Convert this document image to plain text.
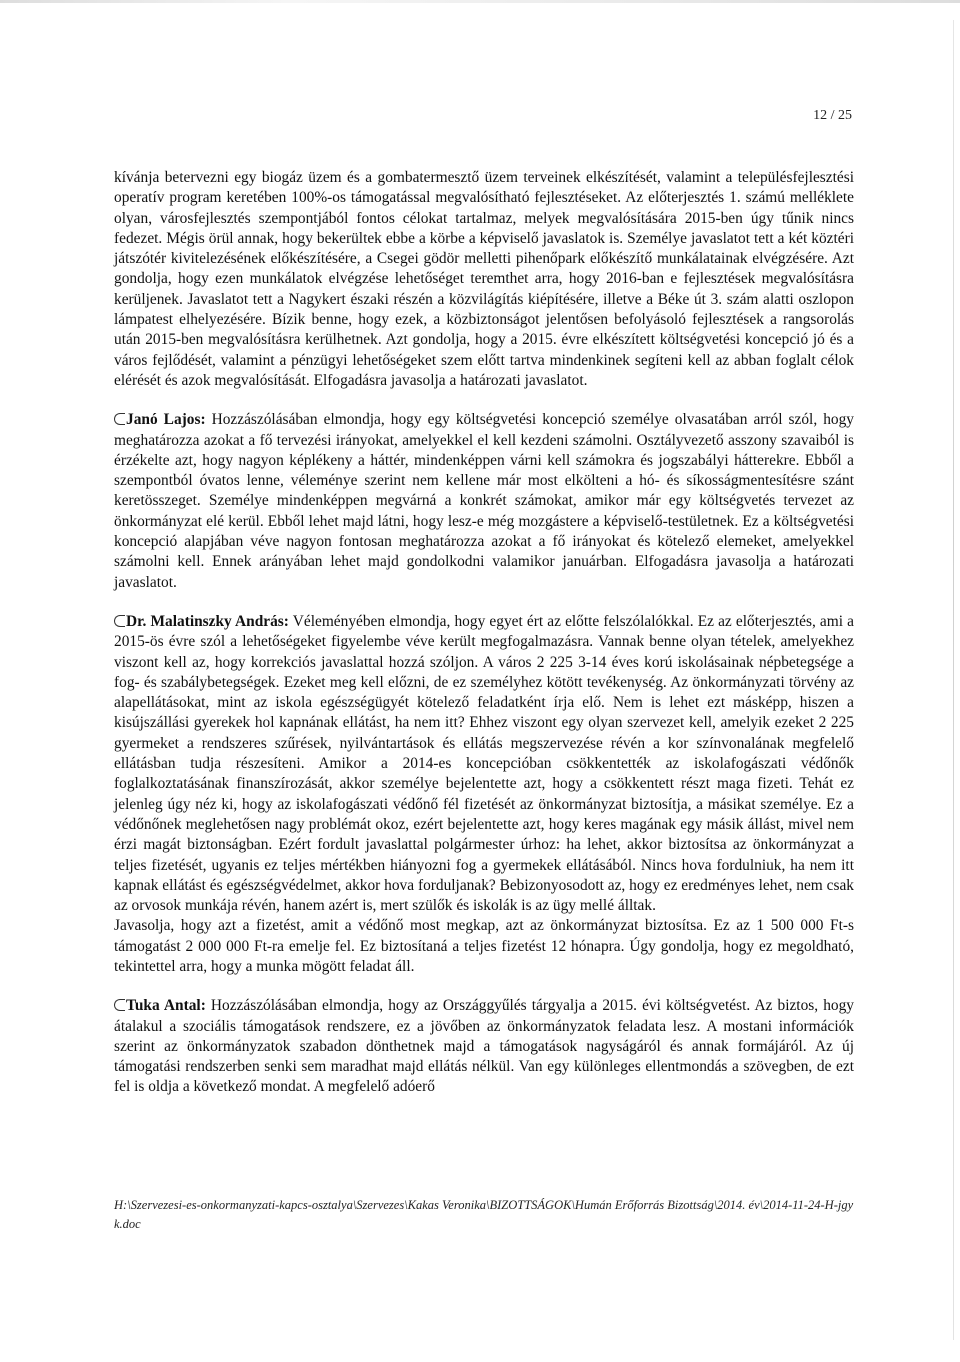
12 / 25

kívánja betervezni egy biogáz üzem és a gombatermesztő üzem terveinek elkészítését, valamint a településfejlesztési operatív program keretében 100%-os támogatással megvalósítható fejlesztéseket. Az előterjesztés 1. számú melléklete olyan, városfejlesztés szempontjából fontos célokat tartalmaz, melyek megvalósítására 2015-ben úgy tűnik nincs fedezet. Mégis örül annak, hogy bekerültek ebbe a körbe a képviselő javaslatok is. Személye javaslatot tett a két köztéri játszótér kivitelezésének előkészítésére, a Csegei gödör melletti pihenőpark előkészítő munkálatainak elvégzésére. Azt gondolja, hogy ezen munkálatok elvégzése lehetőséget teremthet arra, hogy 2016-ban e fejlesztések megvalósításra kerüljenek. Javaslatot tett a Nagykert északi részén a közvilágítás kiépítésére, illetve a Béke út 3. szám alatti oszlopon lámpatest elhelyezésére. Bízik benne, hogy ezek, a közbiztonságot jelentősen befolyásoló fejlesztések a rangsorolás után 2015-ben megvalósításra kerülhetnek. Azt gondolja, hogy a 2015. évre elkészített költségvetési koncepció jó és a város fejlődését, valamint a pénzügyi lehetőségeket szem előtt tartva mindenkinek segíteni kell az abban foglalt célok elérését és azok megvalósítását. Elfogadásra javasolja a határozati javaslatot.

Janó Lajos: Hozzászólásában elmondja, hogy egy költségvetési koncepció személye olvasatában arról szól, hogy meghatározza azokat a fő tervezési irányokat, amelyekkel el kell kezdeni számolni. Osztályvezető asszony szavaiból is érzékelte azt, hogy nagyon képlékeny a háttér, mindenképpen várni kell számokra és jogszabályi hátterekre. Ebből a szempontból óvatos lenne, véleménye szerint nem kellene már most elkölteni a hó- és síkosságmentesítésre szánt keretösszeget. Személye mindenképpen megvárná a konkrét számokat, amikor már egy költségvetés tervezet az önkormányzat elé kerül. Ebből lehet majd látni, hogy lesz-e még mozgástere a képviselő-testületnek. Ez a költségvetési koncepció alapjában véve nagyon fontosan meghatározza azokat a fő irányokat és kötelező elemeket, amelyekkel számolni kell. Ennek arányában lehet majd gondolkodni valamikor januárban. Elfogadásra javasolja a határozati javaslatot.

Dr. Malatinszky András: Véleményében elmondja, hogy egyet ért az előtte felszólalókkal. Ez az előterjesztés, ami a 2015-ös évre szól a lehetőségeket figyelembe véve került megfogalmazásra. Vannak benne olyan tételek, amelyekhez viszont kell az, hogy korrekciós javaslattal hozzá szóljon. A város 2 225 3-14 éves korú iskolásainak népbetegsége a fog- és szabálybetegségek. Ezeket meg kell előzni, de ez személyhez kötött tevékenység. Az önkormányzati törvény az alapellátásokat, mint az iskola egészségügyét kötelező feladatként írja elő. Nem is lehet ezt másképp, hiszen a kisújszállási gyerekek hol kapnának ellátást, ha nem itt? Ehhez viszont egy olyan szervezet kell, amelyik ezeket 2 225 gyermeket a rendszeres szűrések, nyilvántartások és ellátás megszervezése révén a kor színvonalának megfelelő ellátásban tudja részesíteni. Amikor a 2014-es koncepcióban csökkentették az iskolafogászati védőnők foglalkoztatásának finanszírozását, akkor személye bejelentette azt, hogy a csökkentett részt maga fizeti. Tehát ez jelenleg úgy néz ki, hogy az iskolafogászati védőnő fél fizetését az önkormányzat biztosítja, a másikat személye. Ez a védőnőnek meglehetősen nagy problémát okoz, ezért bejelentette azt, hogy keres magának egy másik állást, mivel nem érzi magát biztonságban. Ezért fordult javaslattal polgármester úrhoz: ha lehet, akkor biztosítsa az önkormányzat a teljes fizetését, ugyanis ez teljes mértékben hiányozni fog a gyermekek ellátásából. Nincs hova fordulniuk, ha nem itt kapnak ellátást és egészségvédelmet, akkor hova forduljanak? Bebizonyosodott az, hogy ez eredményes lehet, nem csak az orvosok munkája révén, hanem azért is, mert szülők és iskolák is az ügy mellé álltak.

Javasolja, hogy azt a fizetést, amit a védőnő most megkap, azt az önkormányzat biztosítsa. Ez az 1 500 000 Ft-s támogatást 2 000 000 Ft-ra emelje fel. Ez biztosítaná a teljes fizetést 12 hónapra. Úgy gondolja, hogy ez megoldható, tekintettel arra, hogy a munka mögött feladat áll.

Tuka Antal: Hozzászólásában elmondja, hogy az Országgyűlés tárgyalja a 2015. évi költségvetést. Az biztos, hogy átalakul a szociális támogatások rendszere, ez a jövőben az önkormányzatok feladata lesz. A mostani információk szerint az önkormányzatok szabadon dönthetnek majd a támogatások nagyságáról és annak formájáról. Az új támogatási rendszerben senki sem maradhat majd ellátás nélkül. Van egy különleges ellentmondás a szövegben, de ezt fel is oldja a következő mondat. A megfelelő adóerő

H:\Szervezesi-es-onkormanyzati-kapcs-osztalya\Szervezes\Kakas Veronika\BIZOTTSÁGOK\Humán Erőforrás Bizottság\2014. év\2014-11-24-H-jgyk.doc
